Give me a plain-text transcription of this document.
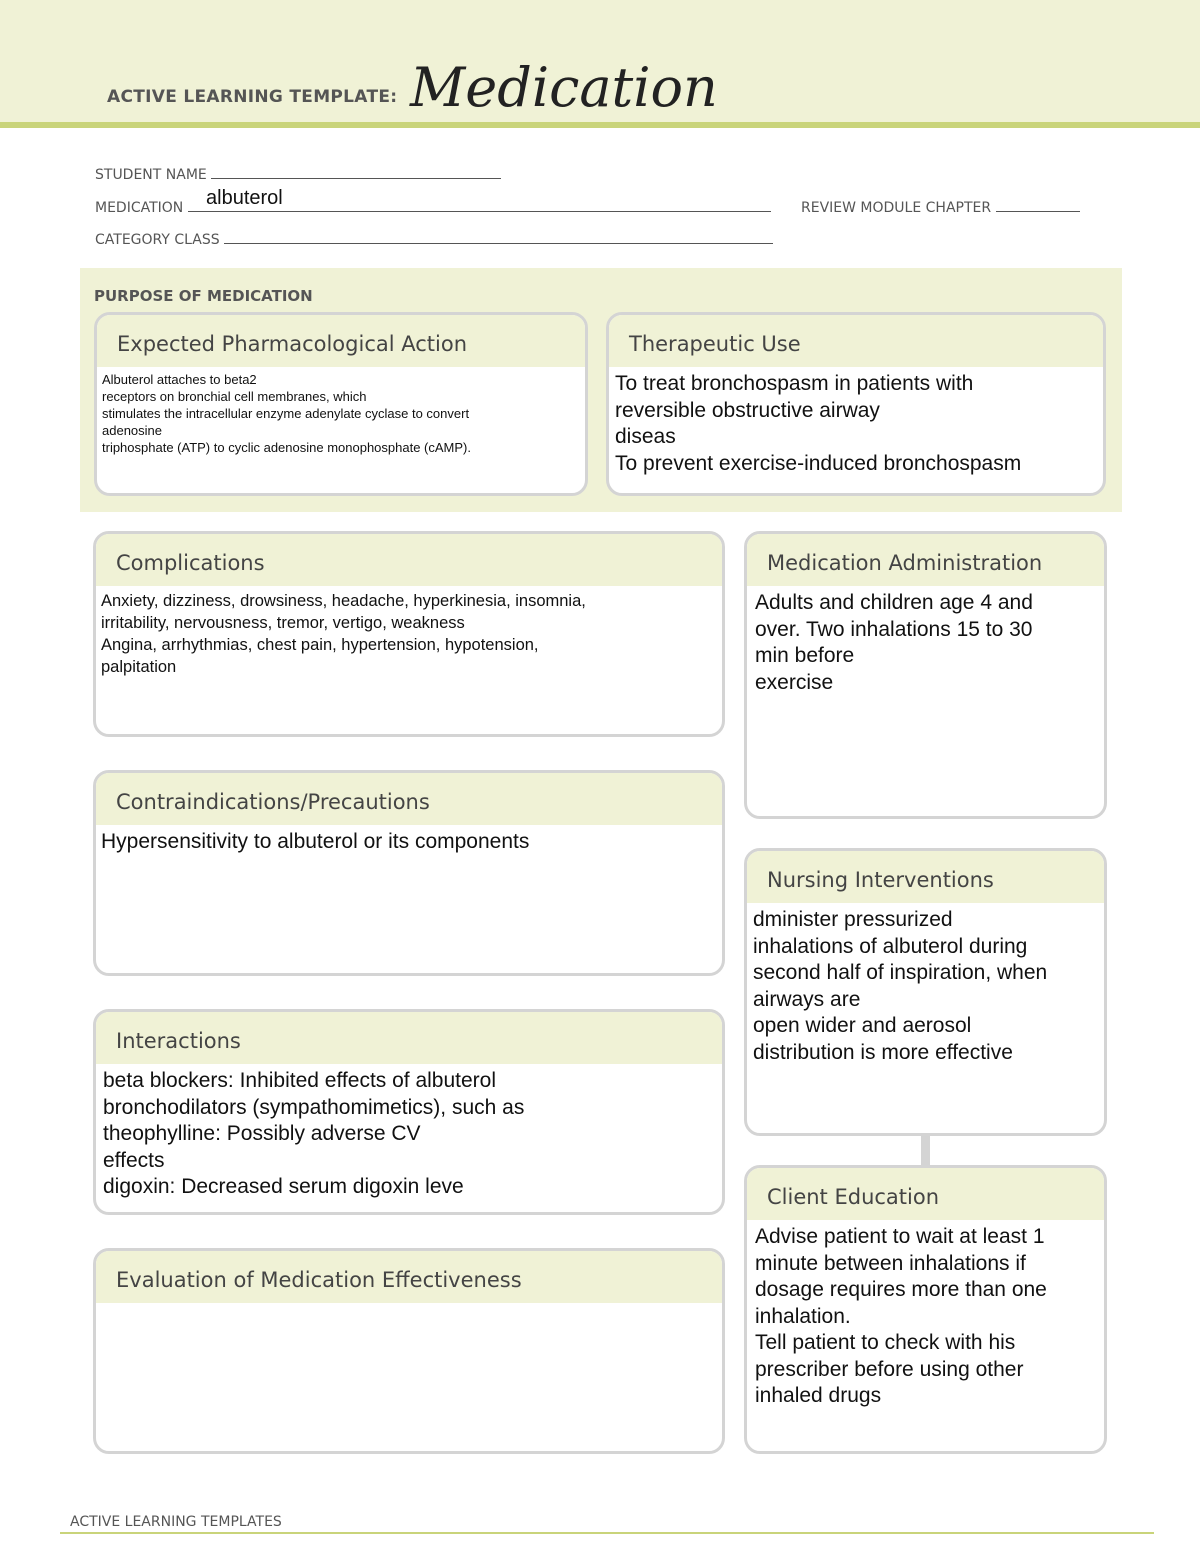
ACTIVE LEARNING TEMPLATE: Medication
STUDENT NAME
MEDICATION	albuterol	REVIEW MODULE CHAPTER
CATEGORY CLASS
PURPOSE OF MEDICATION
Expected Pharmacological Action
Albuterol attaches to beta2
receptors on bronchial cell membranes, which
stimulates the intracellular enzyme adenylate cyclase to convert
adenosine
triphosphate (ATP) to cyclic adenosine monophosphate (cAMP).
Therapeutic Use
To treat bronchospasm in patients with
reversible obstructive airway
diseas
To prevent exercise-induced bronchospasm
Complications
Anxiety, dizziness, drowsiness, headache, hyperkinesia, insomnia,
irritability, nervousness, tremor, vertigo, weakness
Angina, arrhythmias, chest pain, hypertension, hypotension,
palpitation
Contraindications/Precautions
Hypersensitivity to albuterol or its components
Interactions
beta blockers: Inhibited effects of albuterol
bronchodilators (sympathomimetics), such as
theophylline: Possibly adverse CV
effects
digoxin: Decreased serum digoxin leve
Evaluation of Medication Effectiveness
Medication Administration
Adults and children age 4 and
over. Two inhalations 15 to 30
min before
exercise
Nursing Interventions
dminister pressurized
inhalations of albuterol during
second half of inspiration, when
airways are
open wider and aerosol
distribution is more effective
Client Education
Advise patient to wait at least 1
minute between inhalations if
dosage requires more than one
inhalation.
Tell patient to check with his
prescriber before using other
inhaled drugs
ACTIVE LEARNING TEMPLATES
